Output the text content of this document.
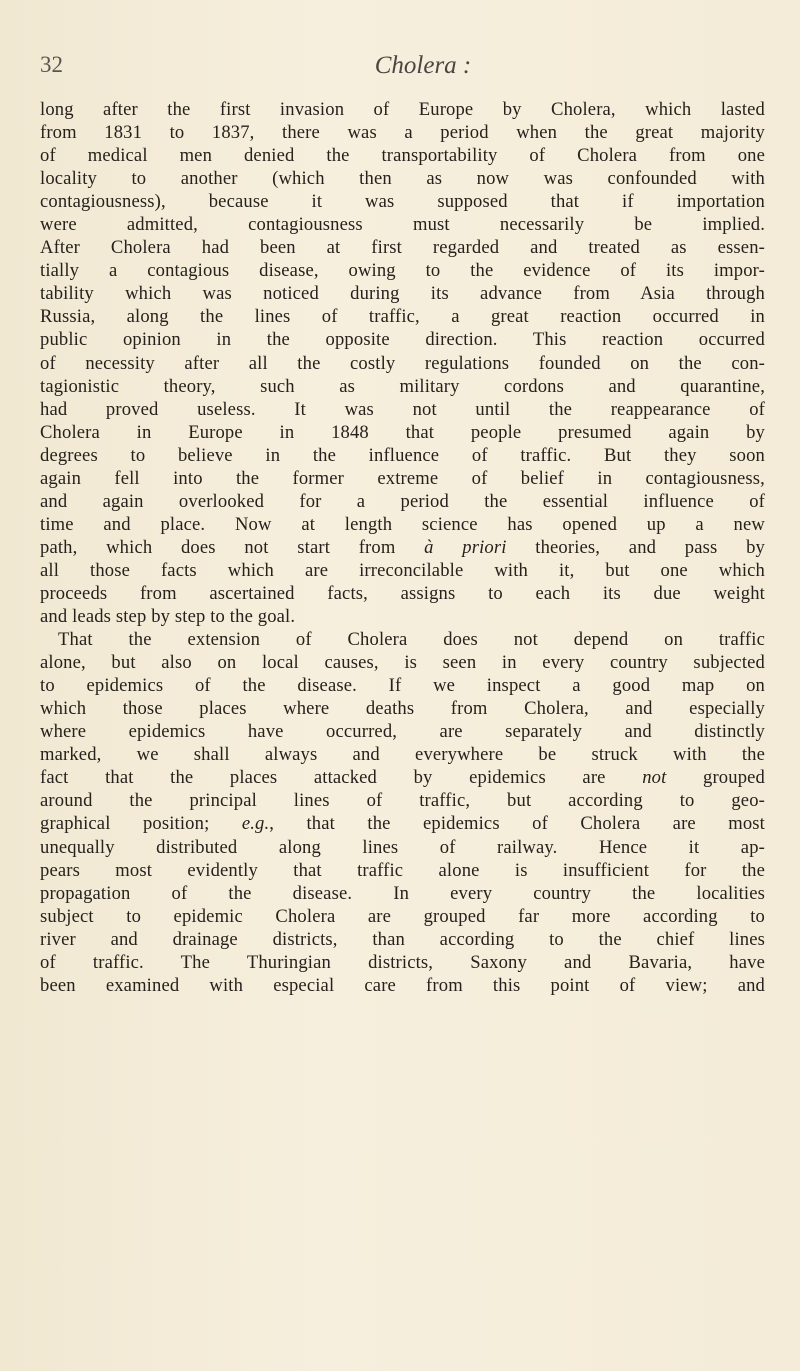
32	Cholera :
long after the first invasion of Europe by Cholera, which lasted
from 1831 to 1837, there was a period when the great majority
of medical men denied the transportability of Cholera from one
locality to another (which then as now was confounded with
contagiousness), because it was supposed that if importation
were admitted, contagiousness must necessarily be implied.
After Cholera had been at first regarded and treated as essen-
tially a contagious disease, owing to the evidence of its impor-
tability which was noticed during its advance from Asia through
Russia, along the lines of traffic, a great reaction occurred in
public opinion in the opposite direction. This reaction occurred
of necessity after all the costly regulations founded on the con-
tagionistic theory, such as military cordons and quarantine,
had proved useless. It was not until the reappearance of
Cholera in Europe in 1848 that people presumed again by
degrees to believe in the influence of traffic. But they soon
again fell into the former extreme of belief in contagiousness,
and again overlooked for a period the essential influence of
time and place. Now at length science has opened up a new
path, which does not start from à priori theories, and pass by
all those facts which are irreconcilable with it, but one which
proceeds from ascertained facts, assigns to each its due weight
and leads step by step to the goal.
That the extension of Cholera does not depend on traffic
alone, but also on local causes, is seen in every country subjected
to epidemics of the disease. If we inspect a good map on
which those places where deaths from Cholera, and especially
where epidemics have occurred, are separately and distinctly
marked, we shall always and everywhere be struck with the
fact that the places attacked by epidemics are not grouped
around the principal lines of traffic, but according to geo-
graphical position; e.g., that the epidemics of Cholera are most
unequally distributed along lines of railway. Hence it ap-
pears most evidently that traffic alone is insufficient for the
propagation of the disease. In every country the localities
subject to epidemic Cholera are grouped far more according to
river and drainage districts, than according to the chief lines
of traffic. The Thuringian districts, Saxony and Bavaria, have
been examined with especial care from this point of view; and
